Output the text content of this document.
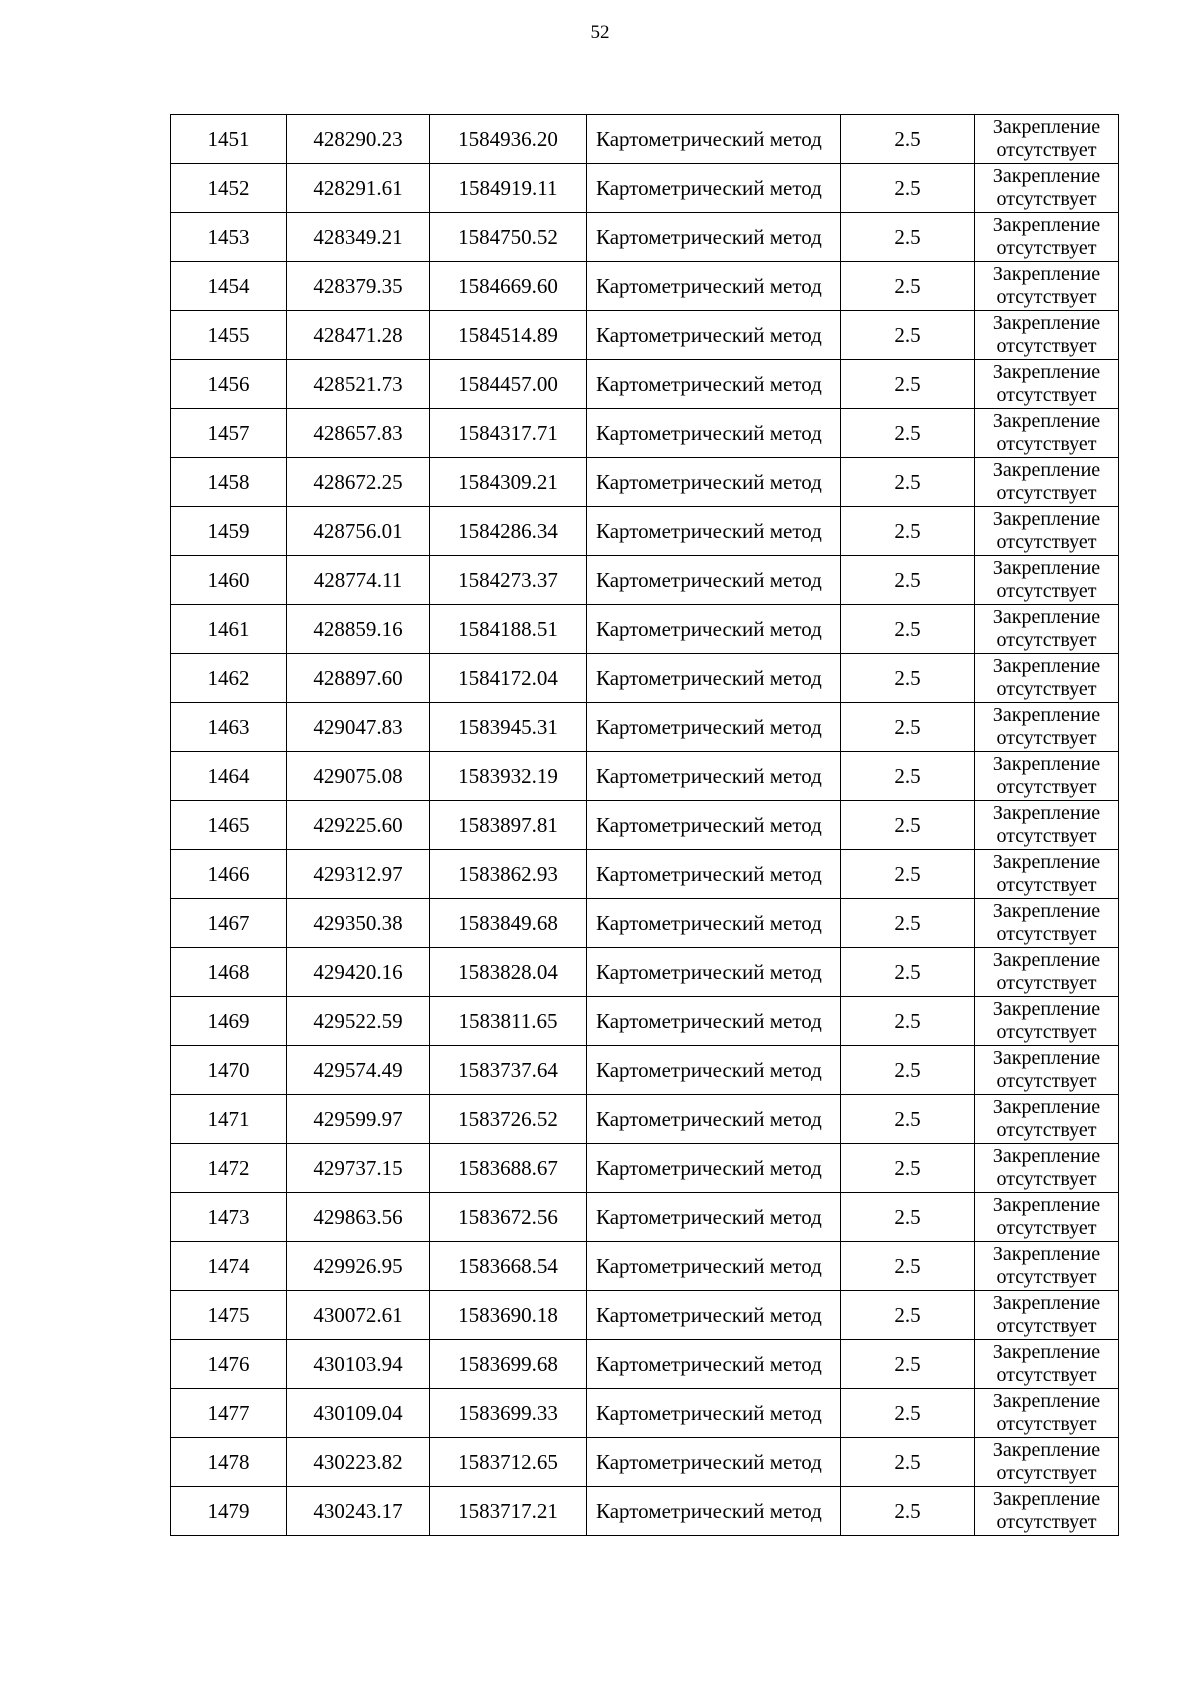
52
1451	428290.23	1584936.20	Картометрический метод	2.5	Закрепление
отсутствует

1452	428291.61	1584919.11	Картометрический метод	2.5	Закрепление
отсутствует

1453	428349.21	1584750.52	Картометрический метод	2.5	Закрепление
отсутствует

1454	428379.35	1584669.60	Картометрический метод	2.5	Закрепление
отсутствует

1455	428471.28	1584514.89	Картометрический метод	2.5	Закрепление
отсутствует

1456	428521.73	1584457.00	Картометрический метод	2.5	Закрепление
отсутствует

1457	428657.83	1584317.71	Картометрический метод	2.5	Закрепление
отсутствует

1458	428672.25	1584309.21	Картометрический метод	2.5	Закрепление
отсутствует

1459	428756.01	1584286.34	Картометрический метод	2.5	Закрепление
отсутствует

1460	428774.11	1584273.37	Картометрический метод	2.5	Закрепление
отсутствует

1461	428859.16	1584188.51	Картометрический метод	2.5	Закрепление
отсутствует

1462	428897.60	1584172.04	Картометрический метод	2.5	Закрепление
отсутствует

1463	429047.83	1583945.31	Картометрический метод	2.5	Закрепление
отсутствует

1464	429075.08	1583932.19	Картометрический метод	2.5	Закрепление
отсутствует

1465	429225.60	1583897.81	Картометрический метод	2.5	Закрепление
отсутствует

1466	429312.97	1583862.93	Картометрический метод	2.5	Закрепление
отсутствует

1467	429350.38	1583849.68	Картометрический метод	2.5	Закрепление
отсутствует

1468	429420.16	1583828.04	Картометрический метод	2.5	Закрепление
отсутствует

1469	429522.59	1583811.65	Картометрический метод	2.5	Закрепление
отсутствует

1470	429574.49	1583737.64	Картометрический метод	2.5	Закрепление
отсутствует

1471	429599.97	1583726.52	Картометрический метод	2.5	Закрепление
отсутствует

1472	429737.15	1583688.67	Картометрический метод	2.5	Закрепление
отсутствует

1473	429863.56	1583672.56	Картометрический метод	2.5	Закрепление
отсутствует

1474	429926.95	1583668.54	Картометрический метод	2.5	Закрепление
отсутствует

1475	430072.61	1583690.18	Картометрический метод	2.5	Закрепление
отсутствует

1476	430103.94	1583699.68	Картометрический метод	2.5	Закрепление
отсутствует

1477	430109.04	1583699.33	Картометрический метод	2.5	Закрепление
отсутствует

1478	430223.82	1583712.65	Картометрический метод	2.5	Закрепление
отсутствует

1479	430243.17	1583717.21	Картометрический метод	2.5	Закрепление
отсутствует
